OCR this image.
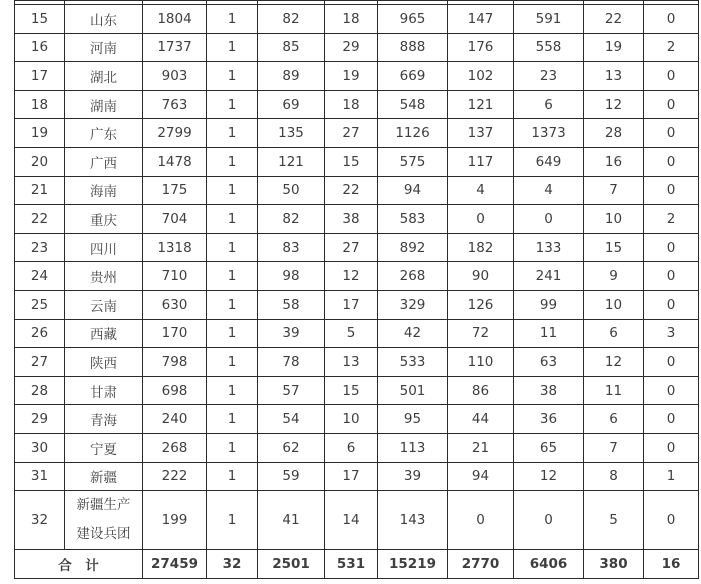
15	山东	1804	1	82	18	965	147	591	22	0
16	河南	1737	1	85	29	888	176	558	19	2
17	湖北	903	1	89	19	669	102	23	13	0
18	湖南	763	1	69	18	548	121	6	12	0
19	广东	2799	1	135	27	1126	137	1373	28	0
20	广西	1478	1	121	15	575	117	649	16	0
21	海南	175	1	50	22	94	4	4	7	0
22	重庆	704	1	82	38	583	0	0	10	2
23	四川	1318	1	83	27	892	182	133	15	0
24	贵州	710	1	98	12	268	90	241	9	0
25	云南	630	1	58	17	329	126	99	10	0
26	西藏	170	1	39	5	42	72	11	6	3
27	陕西	798	1	78	13	533	110	63	12	0
28	甘肃	698	1	57	15	501	86	38	11	0
29	青海	240	1	54	10	95	44	36	6	0
30	宁夏	268	1	62	6	113	21	65	7	0
31	新疆	222	1	59	17	39	94	12	8	1
32	新疆生产建设兵团	199	1	41	14	143	0	0	5	0
合　计		27459	32	2501	531	15219	2770	6406	380	16
